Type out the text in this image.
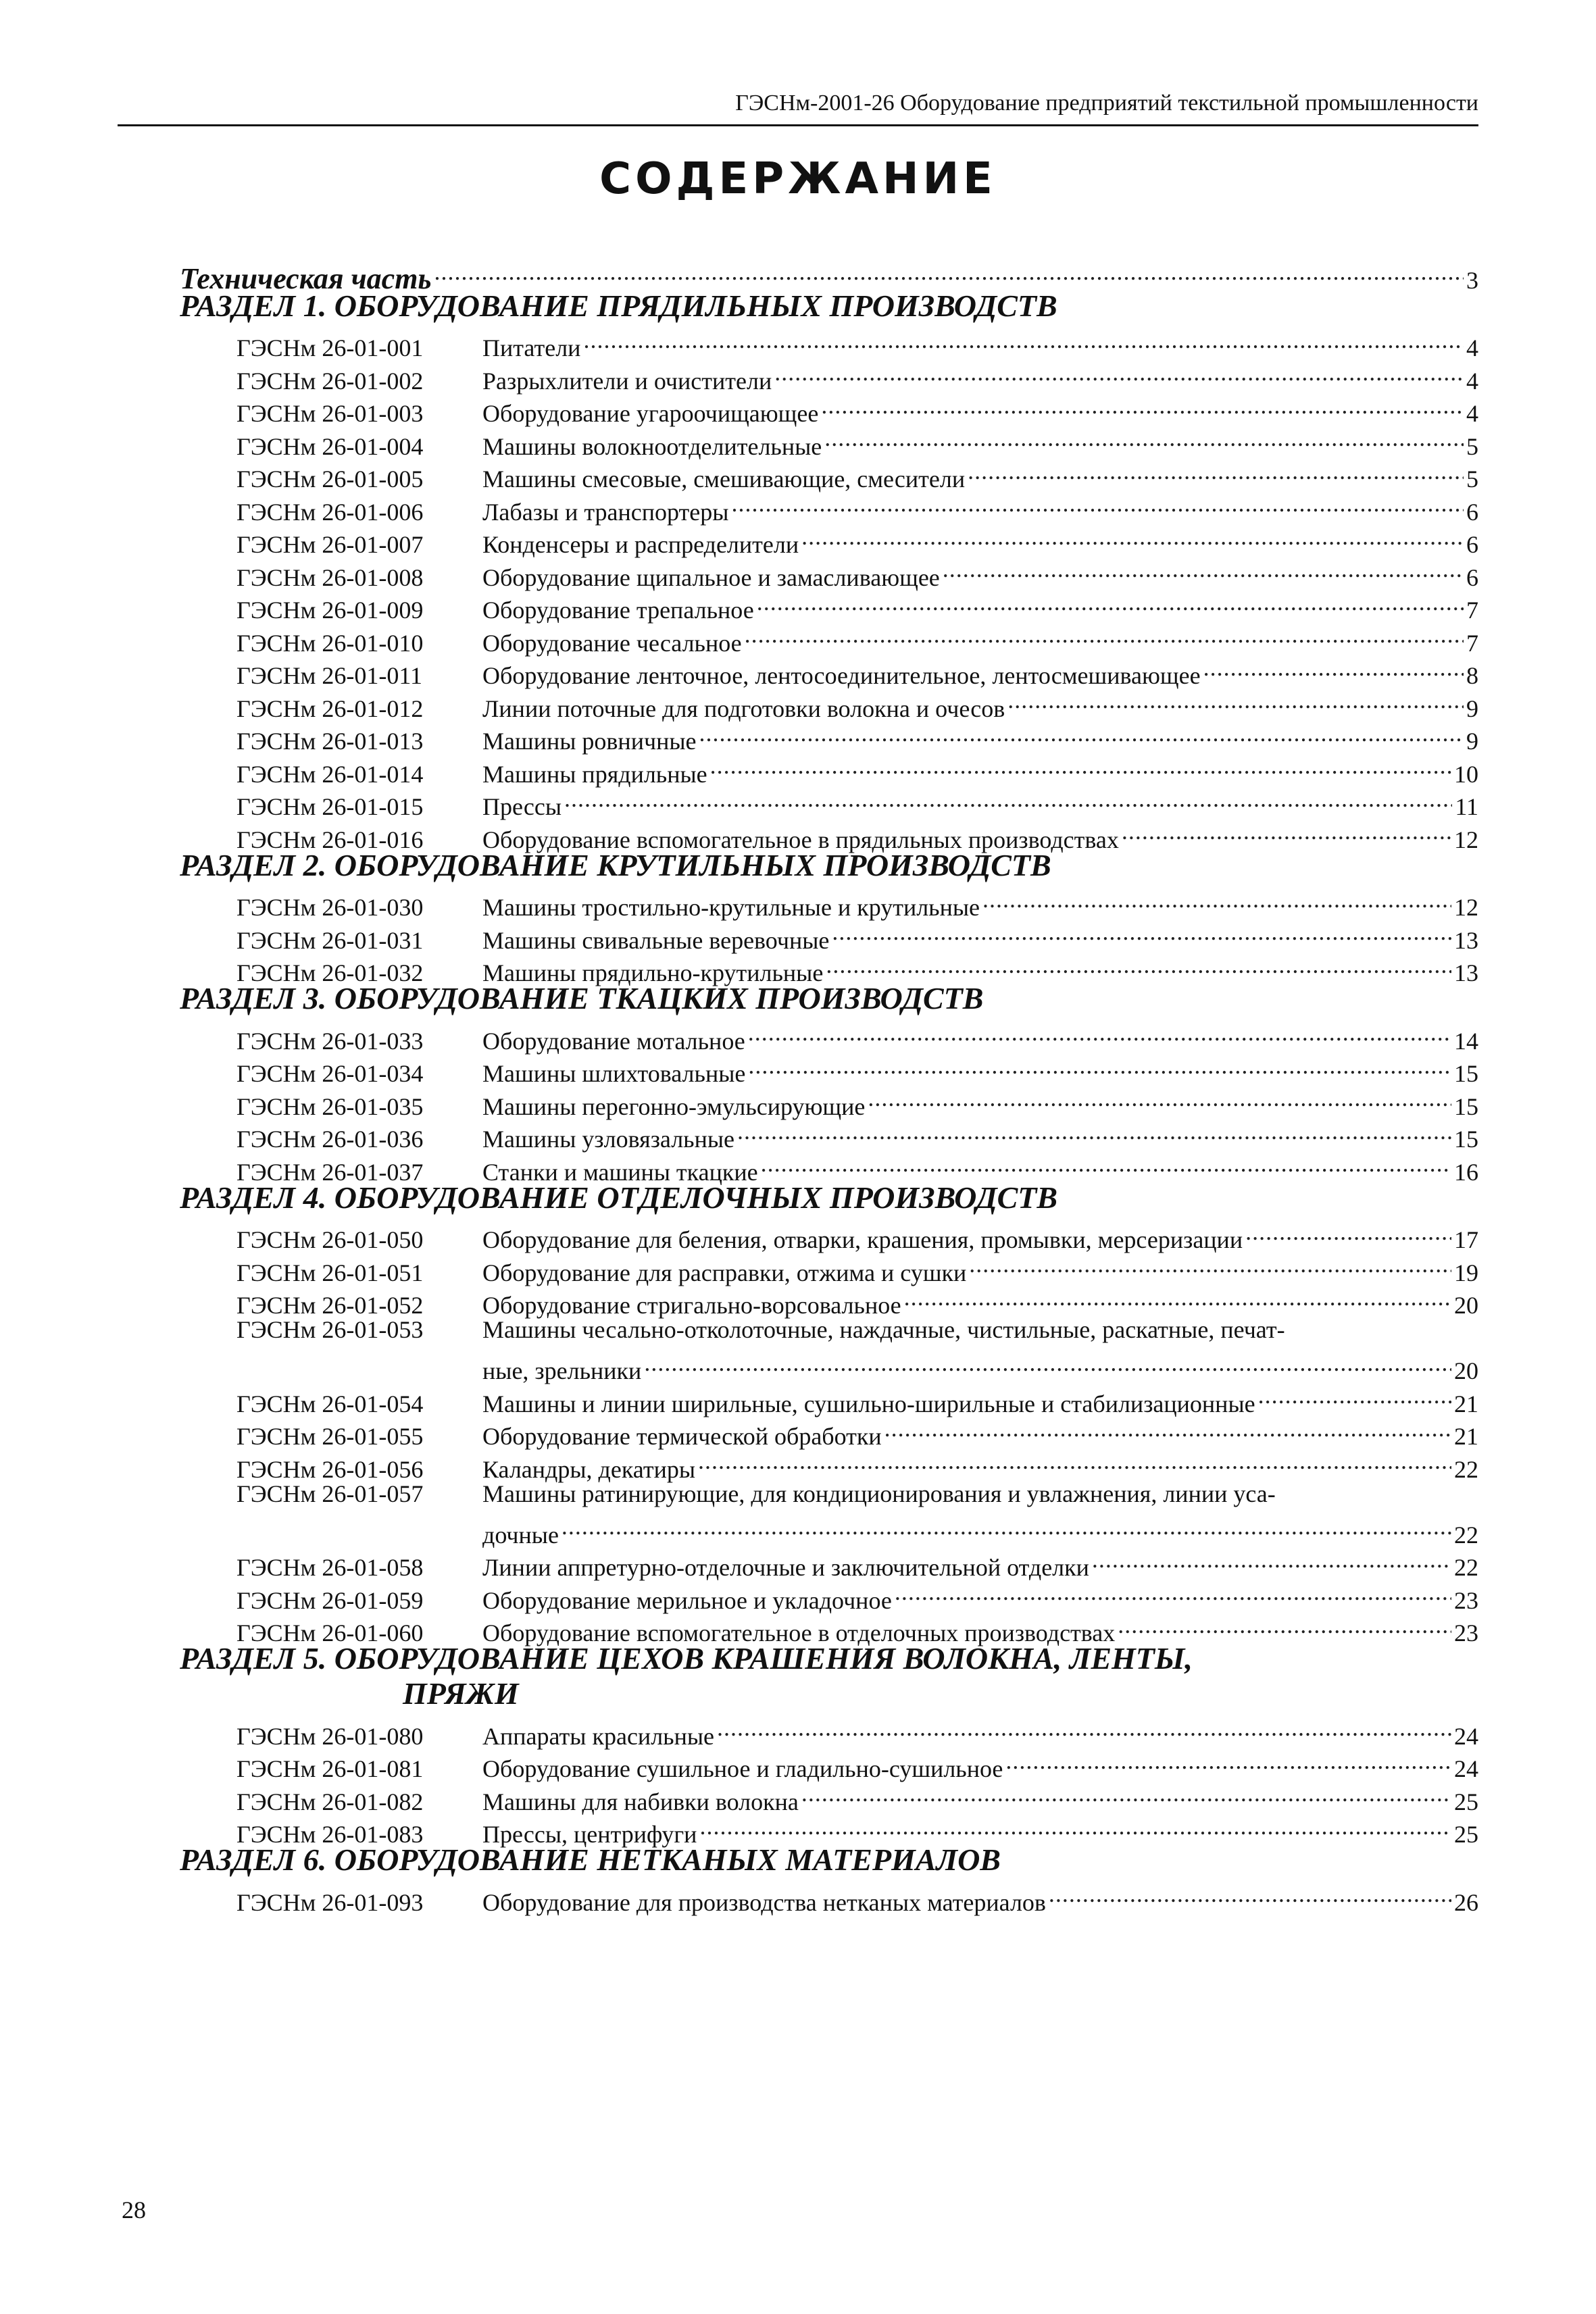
ГЭСНм-2001-26 Оборудование предприятий текстильной промышленности
СОДЕРЖАНИЕ
Техническая часть .....	3
РАЗДЕЛ 1. ОБОРУДОВАНИЕ ПРЯДИЛЬНЫХ ПРОИЗВОДСТВ
ГЭСНм 26-01-001	Питатели .....	4
ГЭСНм 26-01-002	Разрыхлители и очистители .....	4
ГЭСНм 26-01-003	Оборудование угароочищающее .....	4
ГЭСНм 26-01-004	Машины волокноотделительные .....	5
ГЭСНм 26-01-005	Машины смесовые, смешивающие, смесители .....	5
ГЭСНм 26-01-006	Лабазы и транспортеры .....	6
ГЭСНм 26-01-007	Конденсеры и распределители .....	6
ГЭСНм 26-01-008	Оборудование щипальное и замасливающее .....	6
ГЭСНм 26-01-009	Оборудование трепальное .....	7
ГЭСНм 26-01-010	Оборудование чесальное .....	7
ГЭСНм 26-01-011	Оборудование ленточное, лентосоединительное, лентосмешивающее .....	8
ГЭСНм 26-01-012	Линии поточные для подготовки волокна и очесов .....	9
ГЭСНм 26-01-013	Машины ровничные .....	9
ГЭСНм 26-01-014	Машины прядильные .....	10
ГЭСНм 26-01-015	Прессы .....	11
ГЭСНм 26-01-016	Оборудование вспомогательное в прядильных производствах .....	12
РАЗДЕЛ 2. ОБОРУДОВАНИЕ КРУТИЛЬНЫХ ПРОИЗВОДСТВ
ГЭСНм 26-01-030	Машины тростильно-крутильные и крутильные .....	12
ГЭСНм 26-01-031	Машины свивальные веревочные .....	13
ГЭСНм 26-01-032	Машины прядильно-крутильные .....	13
РАЗДЕЛ 3. ОБОРУДОВАНИЕ ТКАЦКИХ ПРОИЗВОДСТВ
ГЭСНм 26-01-033	Оборудование мотальное .....	14
ГЭСНм 26-01-034	Машины шлихтовальные .....	15
ГЭСНм 26-01-035	Машины перегонно-эмульсирующие .....	15
ГЭСНм 26-01-036	Машины узловязальные .....	15
ГЭСНм 26-01-037	Станки и машины ткацкие .....	16
РАЗДЕЛ 4. ОБОРУДОВАНИЕ ОТДЕЛОЧНЫХ ПРОИЗВОДСТВ
ГЭСНм 26-01-050	Оборудование для беления, отварки, крашения, промывки, мерсеризации .....	17
ГЭСНм 26-01-051	Оборудование для расправки, отжима и сушки .....	19
ГЭСНм 26-01-052	Оборудование стригально-ворсовальное .....	20
ГЭСНм 26-01-053	Машины чесально-отколоточные, наждачные, чистильные, раскатные, печат-
ные, зрельники .....	20
ГЭСНм 26-01-054	Машины и линии ширильные, сушильно-ширильные и стабилизационные .....	21
ГЭСНм 26-01-055	Оборудование термической обработки .....	21
ГЭСНм 26-01-056	Каландры, декатиры .....	22
ГЭСНм 26-01-057	Машины ратинирующие, для кондиционирования и увлажнения, линии уса-
дочные .....	22
ГЭСНм 26-01-058	Линии аппретурно-отделочные и заключительной отделки .....	22
ГЭСНм 26-01-059	Оборудование мерильное и укладочное .....	23
ГЭСНм 26-01-060	Оборудование вспомогательное в отделочных производствах .....	23
РАЗДЕЛ 5. ОБОРУДОВАНИЕ ЦЕХОВ КРАШЕНИЯ ВОЛОКНА, ЛЕНТЫ,
ПРЯЖИ
ГЭСНм 26-01-080	Аппараты красильные .....	24
ГЭСНм 26-01-081	Оборудование сушильное и гладильно-сушильное .....	24
ГЭСНм 26-01-082	Машины для набивки волокна .....	25
ГЭСНм 26-01-083	Прессы, центрифуги .....	25
РАЗДЕЛ 6. ОБОРУДОВАНИЕ НЕТКАНЫХ МАТЕРИАЛОВ
ГЭСНм 26-01-093	Оборудование для производства нетканых материалов .....	26
28
